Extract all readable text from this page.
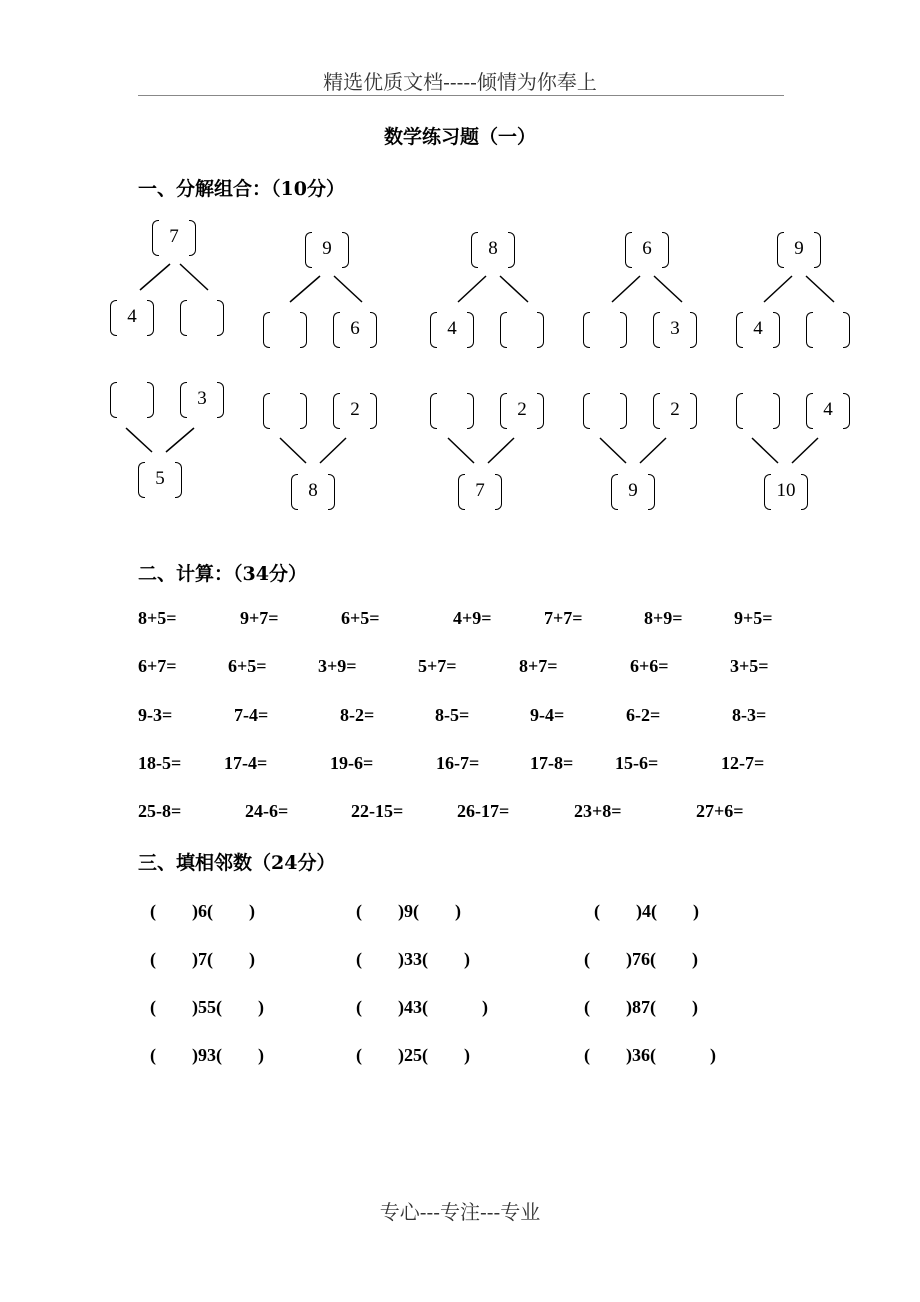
精选优质文档-----倾情为你奉上
数学练习题（一）
一、分解组合：（10分）
7
4
9
6
8
4
6
3
9
4
3
5
2
8
2
7
2
9
4
10
二、计算：（34分）
8+5=	9+7=	6+5=	4+9=	7+7=	8+9=	9+5=
6+7=	6+5=	3+9=	5+7=	8+7=	6+6=	3+5=
9-3=	7-4=	8-2=	8-5=	9-4=	6-2=	8-3=
18-5= 17-4=	19-6=	16-7=	17-8= 15-6=	12-7=
25-8=	24-6=	22-15=	26-17=	23+8=	27+6=
三、填相邻数（24分）
(　　)6(　　)	(　　)9(　　)	(　　)4(　　)
(　　)7(　　)	(　　)33(　　)	(　　)76(　　)
(　　)55(　　)	(　　)43(　　　)	(　　)87(　　)
(　　)93(　　)	(　　)25(　　)	(　　)36(　　　)
专心---专注---专业
